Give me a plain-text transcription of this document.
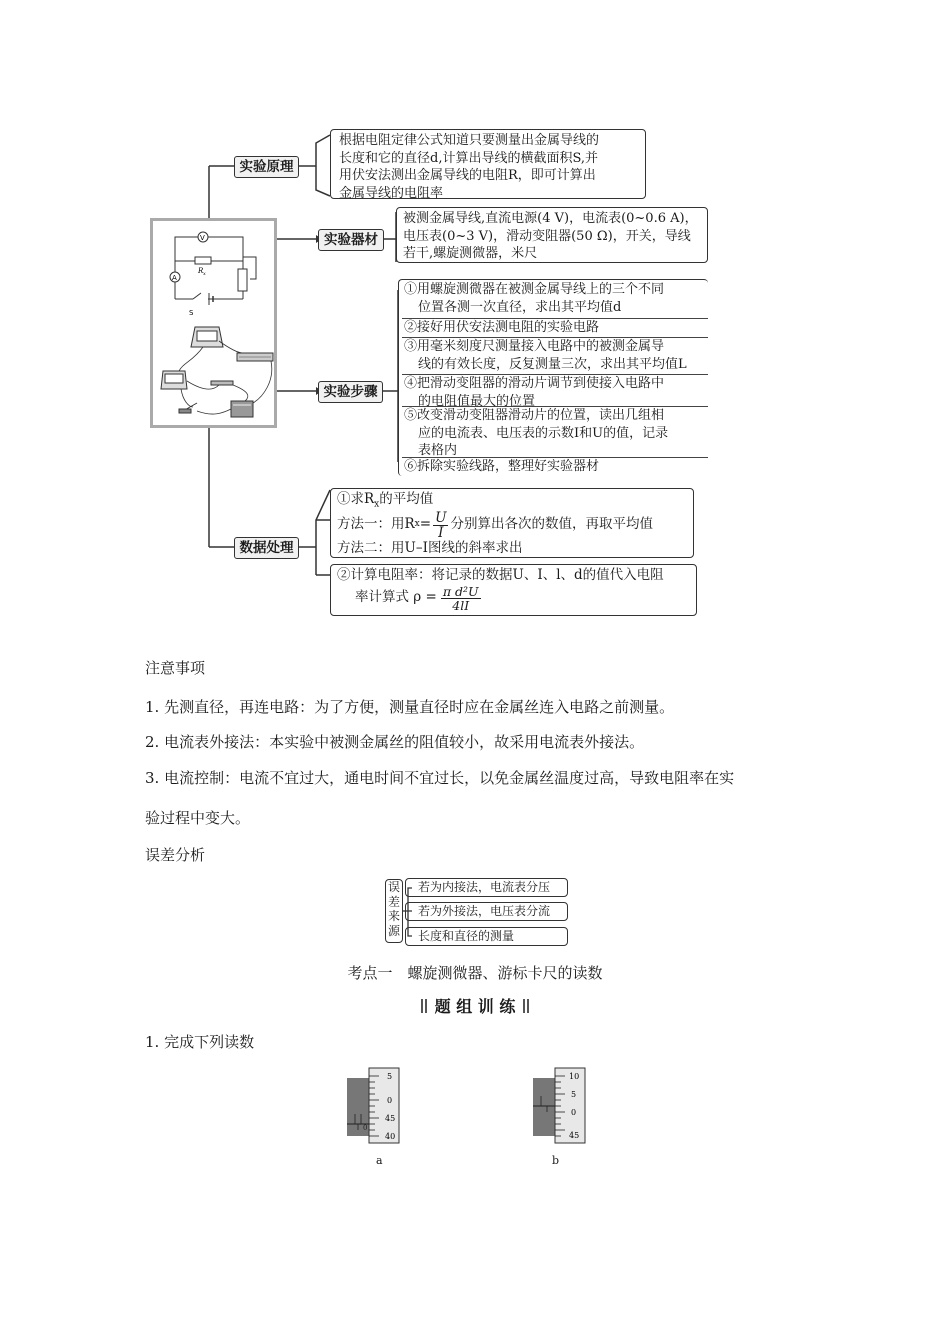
实验原理
实验器材
实验步骤
数据处理
根据电阻定律公式知道只要测量出金属导线的
长度和它的直径d,计算出导线的横截面积S,并
用伏安法测出金属导线的电阻R，即可计算出
金属导线的电阻率
被测金属导线,直流电源(4 V)，电流表(0~0.6 A)，
电压表(0~3 V)，滑动变阻器(50 Ω)，开关，导线
若干,螺旋测微器，米尺
①用螺旋测微器在被测金属导线上的三个不同
位置各测一次直径，求出其平均值d
②接好用伏安法测电阻的实验电路
③用毫米刻度尺测量接入电路中的被测金属导
线的有效长度，反复测量三次，求出其平均值L
④把滑动变阻器的滑动片调节到使接入电路中
的电阻值最大的位置
⑤改变滑动变阻器滑动片的位置，读出几组相
应的电流表、电压表的示数I和U的值，记录
表格内
⑥拆除实验线路，整理好实验器材
①求$R_x$的平均值
方法一：用R $x = \frac{U}{I}$ 分别算出各次的数值，再取平均值
方法二：用U–I图线的斜率求出
②计算电阻率：将记录的数据U、I、l、d的值代入电阻
率计算式 $\rho = \frac{\text{π d²U}}{4lI}$
V
A
R x
S
注意事项
1. 先测直径，再连电路：为了方便，测量直径时应在金属丝连入电路之前测量。
2. 电流表外接法：本实验中被测金属丝的阻值较小，故采用电流表外接法。
3. 电流控制：电流不宜过大，通电时间不宜过长，以免金属丝温度过高，导致电阻率在实
验过程中变大。
误差分析
误
差
来
源
若为内接法，电流表分压
若为外接法，电压表分流
长度和直径的测量
考点一　螺旋测微器、游标卡尺的读数
题 组 训 练
1. 完成下列读数
5
0
45
40
0
a
10
5
0
45
b
